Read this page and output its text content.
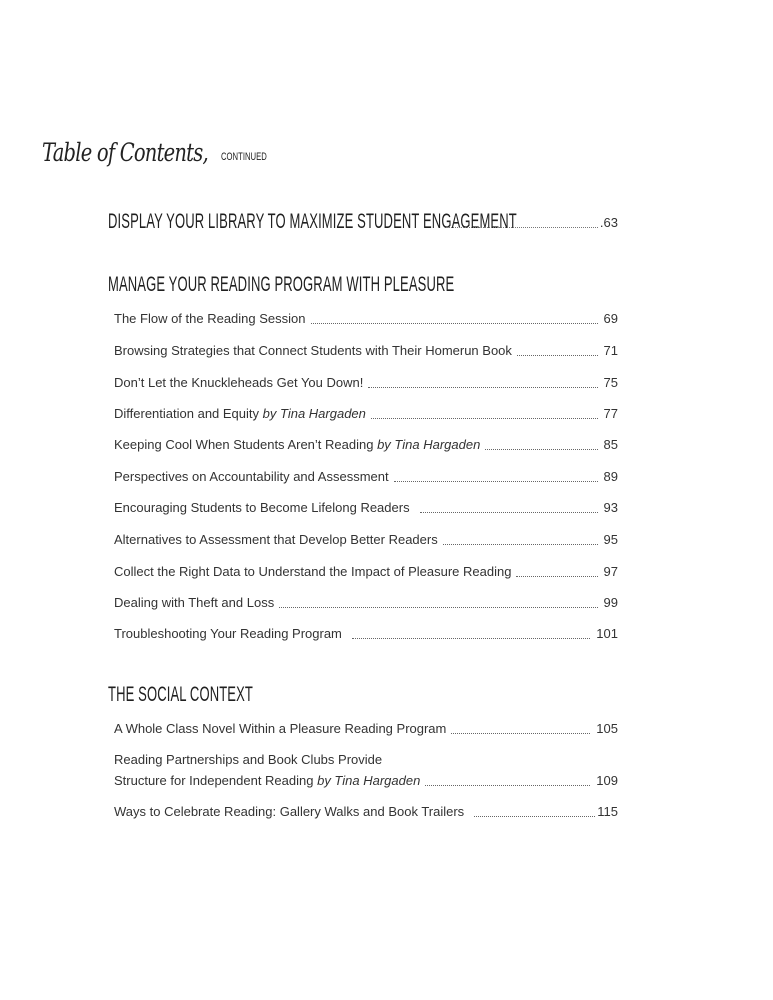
Table of Contents, CONTINUED
DISPLAY YOUR LIBRARY TO MAXIMIZE STUDENT ENGAGEMENT	.63
MANAGE YOUR READING PROGRAM WITH PLEASURE
The Flow of the Reading Session	69
Browsing Strategies that Connect Students with Their Homerun Book	71
Don’t Let the Knuckleheads Get You Down!	75
Differentiation and Equity by Tina Hargaden	77
Keeping Cool When Students Aren’t Reading by Tina Hargaden	85
Perspectives on Accountability and Assessment	89
Encouraging Students to Become Lifelong Readers	93
Alternatives to Assessment that Develop Better Readers	95
Collect the Right Data to Understand the Impact of Pleasure Reading	97
Dealing with Theft and Loss	99
Troubleshooting Your Reading Program	101
THE SOCIAL CONTEXT
A Whole Class Novel Within a Pleasure Reading Program	105
Reading Partnerships and Book Clubs Provide
Structure for Independent Reading by Tina Hargaden	109
Ways to Celebrate Reading: Gallery Walks and Book Trailers	115
